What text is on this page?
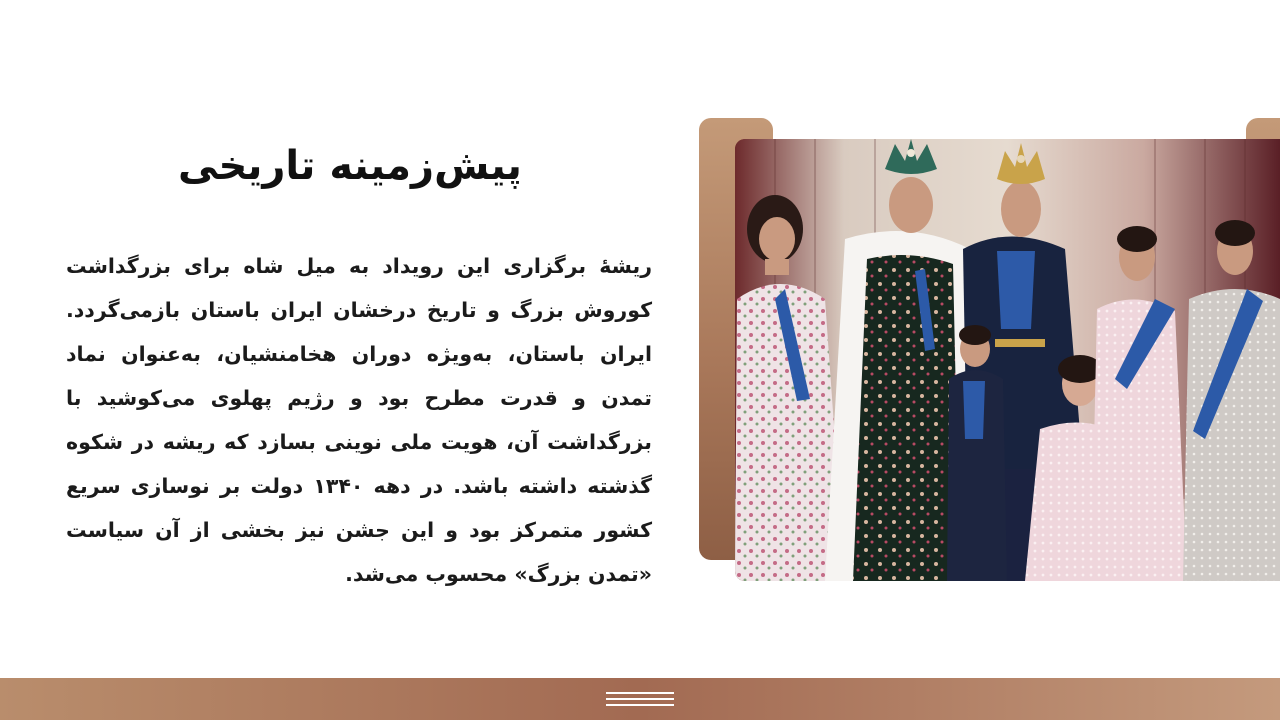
پیش‌زمینه تاریخی

ریشهٔ برگزاری این رویداد به میل شاه برای بزرگداشت کوروش بزرگ و تاریخ درخشان ایران باستان بازمی‌گردد. ایران باستان، به‌ویژه دوران هخامنشیان، به‌عنوان نماد تمدن و قدرت مطرح بود و رژیم پهلوی می‌کوشید با بزرگداشت آن، هویت ملی نوینی بسازد که ریشه در شکوه گذشته داشته باشد. در دهه ۱۳۴۰ دولت بر نوسازی سریع کشور متمرکز بود و این جشن نیز بخشی از آن سیاست «تمدن بزرگ» محسوب می‌شد.
